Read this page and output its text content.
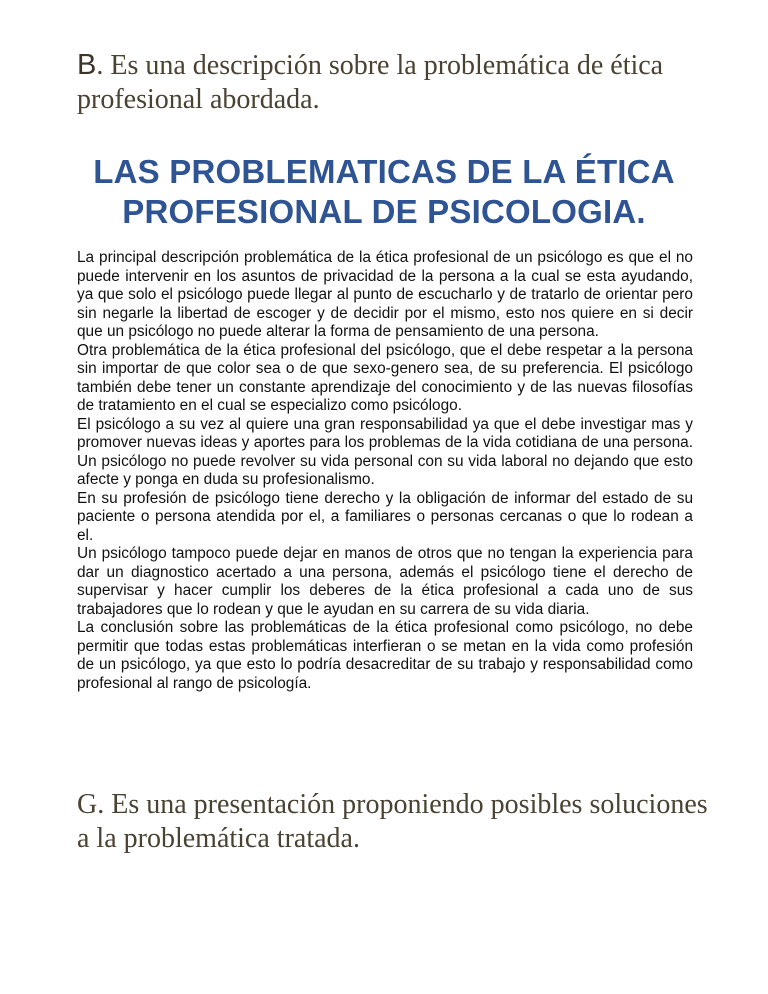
B. Es una descripción sobre la problemática de ética profesional abordada.
LAS PROBLEMATICAS DE LA ÉTICA
PROFESIONAL DE PSICOLOGIA.

La principal descripción problemática de la ética profesional de un psicólogo es que el no puede intervenir en los asuntos de privacidad de la persona a la cual se esta ayudando, ya que solo el psicólogo puede llegar al punto de escucharlo y de tratarlo de orientar pero sin negarle la libertad de escoger y de decidir por el mismo, esto nos quiere en si decir que un psicólogo no puede alterar la forma de pensamiento de una persona.

Otra problemática de la ética profesional del psicólogo, que el debe respetar a la persona sin importar de que color sea o de que sexo-genero sea, de su preferencia. El psicólogo también debe tener un constante aprendizaje del conocimiento y de las nuevas filosofías de tratamiento en el cual se especializo como psicólogo.

El psicólogo a su vez al quiere una gran responsabilidad ya que el debe investigar mas y promover nuevas ideas y aportes para los problemas de la vida cotidiana de una persona. Un psicólogo no puede revolver su vida personal con su vida laboral no dejando que esto afecte y ponga en duda su profesionalismo.

En su profesión de psicólogo tiene derecho y la obligación de informar del estado de su paciente o persona atendida por el, a familiares o personas cercanas o que lo rodean a el.

Un psicólogo tampoco puede dejar en manos de otros que no tengan la experiencia para dar un diagnostico acertado a una persona, además el psicólogo tiene el derecho de supervisar y hacer cumplir los deberes de la ética profesional a cada uno de sus trabajadores que lo rodean y que le ayudan en su carrera de su vida diaria.

La conclusión sobre las problemáticas de la ética profesional como psicólogo, no debe permitir que todas estas problemáticas interfieran o se metan en la vida como profesión de un psicólogo, ya que esto lo podría desacreditar de su trabajo y responsabilidad como profesional al rango de psicología.

G. Es una presentación proponiendo posibles soluciones a la problemática tratada.
